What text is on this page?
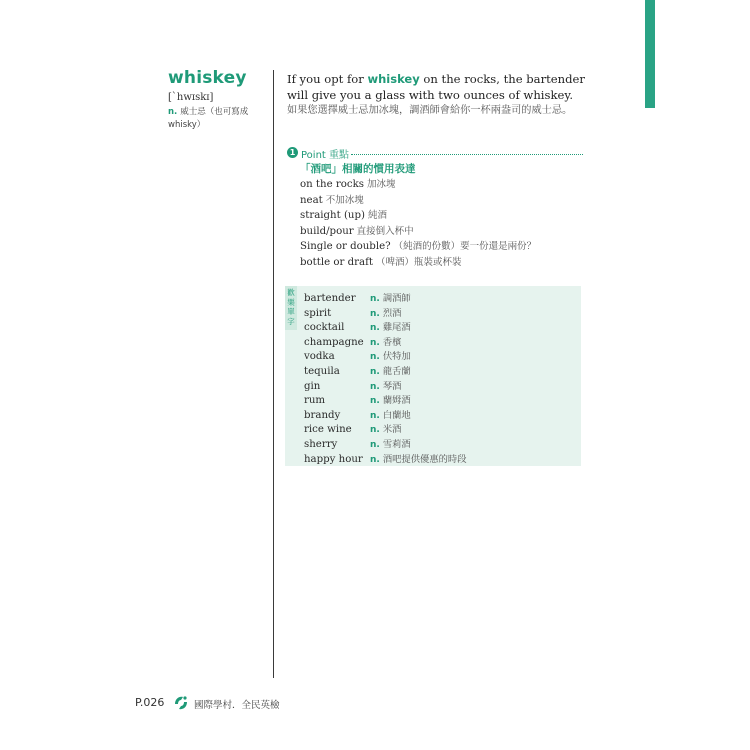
whiskey
[ˋhwɪskɪ]
n. 威士忌（也可寫成 whisky）
If you opt for whiskey on the rocks, the bartender will give you a glass with two ounces of whiskey.
如果您選擇威士忌加冰塊，調酒師會給你一杯兩盎司的威士忌。
1 Point 重點
「酒吧」相關的慣用表達
on the rocks 加冰塊
neat 不加冰塊
straight (up) 純酒
build/pour 直接倒入杯中
Single or double? （純酒的份數）要一份還是兩份？
bottle or draft （啤酒）瓶裝或杯裝
歡
樂
單
字
bartender n. 調酒師
spirit	n. 烈酒
cocktail	n. 雞尾酒
champagne n. 香檳
vodka	n. 伏特加
tequila	n. 龍舌蘭
gin	n. 琴酒
rum	n. 蘭姆酒
brandy	n. 白蘭地
rice wine n. 米酒
sherry	n. 雪莉酒
happy hour n. 酒吧提供優惠的時段
P.026	國際學村．全民英檢
